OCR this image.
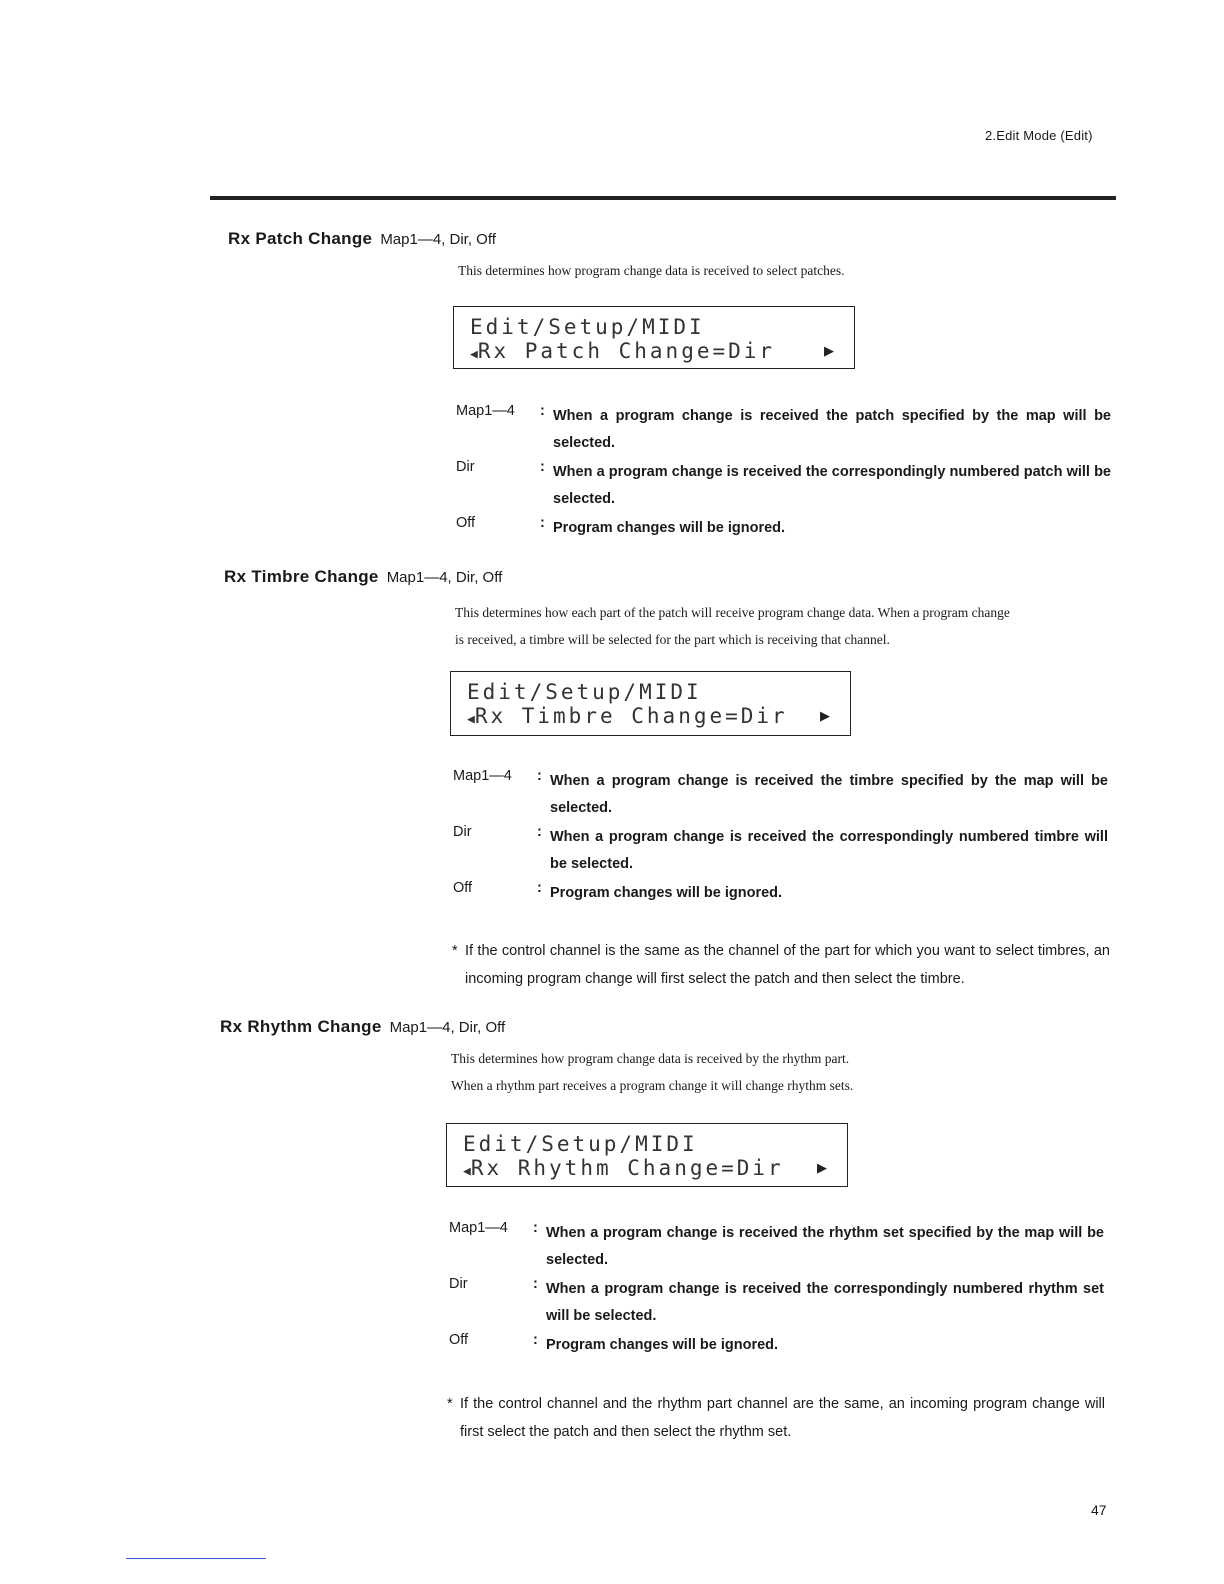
2.Edit Mode (Edit)
Rx Patch Change Map1—4, Dir, Off
This determines how program change data is received to select patches.
Edit/Setup/MIDI
◀Rx Patch Change=Dir	▶
Map1—4 : When a program change is received the patch specified by the map will be selected.
Dir	: When a program change is received the correspondingly numbered patch will be selected.
Off	: Program changes will be ignored.
Rx Timbre Change Map1—4, Dir, Off
This determines how each part of the patch will receive program change data. When a program change
is received, a timbre will be selected for the part which is receiving that channel.
Edit/Setup/MIDI
◀Rx Timbre Change=Dir ▶
Map1—4 : When a program change is received the timbre specified by the map will be selected.
Dir	: When a program change is received the correspondingly numbered timbre will be selected.
Off	: Program changes will be ignored.
* If the control channel is the same as the channel of the part for which you want to select timbres, an incoming program change will first select the patch and then select the timbre.
Rx Rhythm Change Map1—4, Dir, Off
This determines how program change data is received by the rhythm part.
When a rhythm part receives a program change it will change rhythm sets.
Edit/Setup/MIDI
◀Rx Rhythm Change=Dir	▶
Map1—4 : When a program change is received the rhythm set specified by the map will be selected.
Dir	: When a program change is received the correspondingly numbered rhythm set will be selected.
Off	: Program changes will be ignored.
* If the control channel and the rhythm part channel are the same, an incoming program change will first select the patch and then select the rhythm set.
47
